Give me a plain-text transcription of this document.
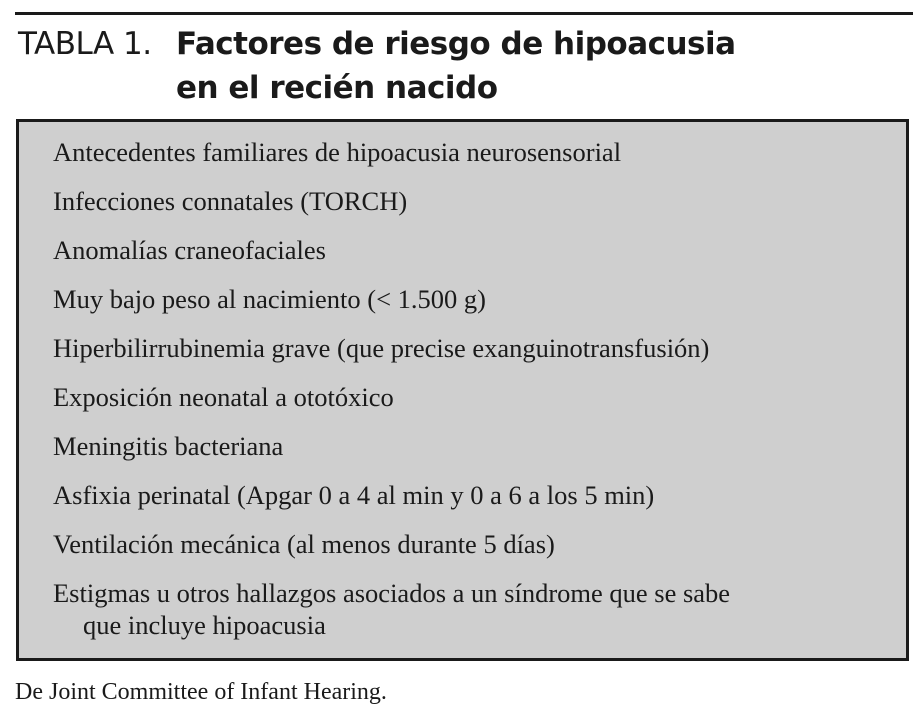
TABLA 1. Factores de riesgo de hipoacusia
en el recién nacido
Antecedentes familiares de hipoacusia neurosensorial
Infecciones connatales (TORCH)
Anomalías craneofaciales
Muy bajo peso al nacimiento (< 1.500 g)
Hiperbilirrubinemia grave (que precise exanguinotransfusión)
Exposición neonatal a ototóxico
Meningitis bacteriana
Asfixia perinatal (Apgar 0 a 4 al min y 0 a 6 a los 5 min)
Ventilación mecánica (al menos durante 5 días)
Estigmas u otros hallazgos asociados a un síndrome que se sabe
que incluye hipoacusia
De Joint Committee of Infant Hearing.
